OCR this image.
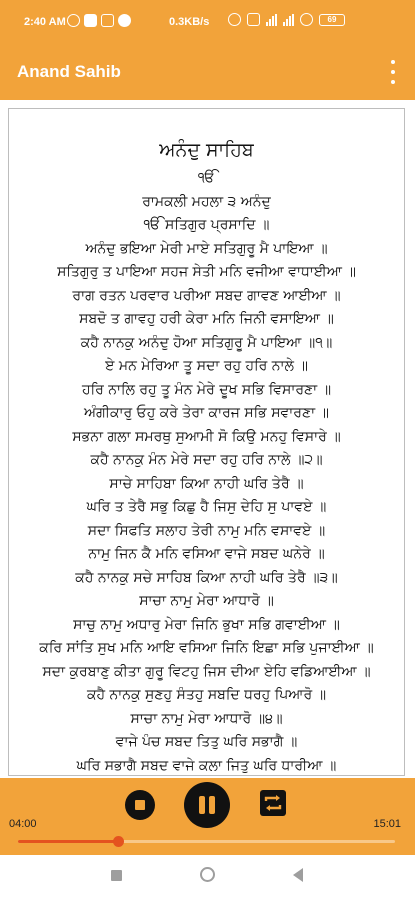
2:40 AM	0.3KB/s	69
Anand Sahib
ਅਨੰਦੁ ਸਾਹਿਬ
ੴ
ਰਾਮਕਲੀ ਮਹਲਾ ੩ ਅਨੰਦੁ
ੴ ਸਤਿਗੁਰ ਪ੍ਰਸਾਦਿ ॥
ਅਨੰਦੁ ਭਇਆ ਮੇਰੀ ਮਾਏ ਸਤਿਗੁਰੂ ਮੈ ਪਾਇਆ ॥
ਸਤਿਗੁਰੁ ਤ ਪਾਇਆ ਸਹਜ ਸੇਤੀ ਮਨਿ ਵਜੀਆ ਵਾਧਾਈਆ ॥
ਰਾਗ ਰਤਨ ਪਰਵਾਰ ਪਰੀਆ ਸਬਦ ਗਾਵਣ ਆਈਆ ॥
ਸਬਦੋ ਤ ਗਾਵਹੁ ਹਰੀ ਕੇਰਾ ਮਨਿ ਜਿਨੀ ਵਸਾਇਆ ॥
ਕਹੈ ਨਾਨਕੁ ਅਨੰਦੁ ਹੋਆ ਸਤਿਗੁਰੂ ਮੈ ਪਾਇਆ ॥੧॥
ਏ ਮਨ ਮੇਰਿਆ ਤੂ ਸਦਾ ਰਹੁ ਹਰਿ ਨਾਲੇ ॥
ਹਰਿ ਨਾਲਿ ਰਹੁ ਤੂ ਮੰਨ ਮੇਰੇ ਦੂਖ ਸਭਿ ਵਿਸਾਰਣਾ ॥
ਅੰਗੀਕਾਰੁ ਓਹੁ ਕਰੇ ਤੇਰਾ ਕਾਰਜ ਸਭਿ ਸਵਾਰਣਾ ॥
ਸਭਨਾ ਗਲਾ ਸਮਰਥੁ ਸੁਆਮੀ ਸੋ ਕਿਉ ਮਨਹੁ ਵਿਸਾਰੇ ॥
ਕਹੈ ਨਾਨਕੁ ਮੰਨ ਮੇਰੇ ਸਦਾ ਰਹੁ ਹਰਿ ਨਾਲੇ ॥੨॥
ਸਾਚੇ ਸਾਹਿਬਾ ਕਿਆ ਨਾਹੀ ਘਰਿ ਤੇਰੈ ॥
ਘਰਿ ਤ ਤੇਰੈ ਸਭੁ ਕਿਛੁ ਹੈ ਜਿਸੁ ਦੇਹਿ ਸੁ ਪਾਵਏ ॥
ਸਦਾ ਸਿਫਤਿ ਸਲਾਹ ਤੇਰੀ ਨਾਮੁ ਮਨਿ ਵਸਾਵਏ ॥
ਨਾਮੁ ਜਿਨ ਕੈ ਮਨਿ ਵਸਿਆ ਵਾਜੇ ਸਬਦ ਘਨੇਰੇ ॥
ਕਹੈ ਨਾਨਕੁ ਸਚੇ ਸਾਹਿਬ ਕਿਆ ਨਾਹੀ ਘਰਿ ਤੇਰੈ ॥੩॥
ਸਾਚਾ ਨਾਮੁ ਮੇਰਾ ਆਧਾਰੋ ॥
ਸਾਚੁ ਨਾਮੁ ਅਧਾਰੁ ਮੇਰਾ ਜਿਨਿ ਭੁਖਾ ਸਭਿ ਗਵਾਈਆ ॥
ਕਰਿ ਸਾਂਤਿ ਸੁਖ ਮਨਿ ਆਇ ਵਸਿਆ ਜਿਨਿ ਇਛਾ ਸਭਿ ਪੁਜਾਈਆ ॥
ਸਦਾ ਕੁਰਬਾਣੁ ਕੀਤਾ ਗੁਰੂ ਵਿਟਹੁ ਜਿਸ ਦੀਆ ਏਹਿ ਵਡਿਆਈਆ ॥
ਕਹੈ ਨਾਨਕੁ ਸੁਣਹੁ ਸੰਤਹੁ ਸਬਦਿ ਧਰਹੁ ਪਿਆਰੋ ॥
ਸਾਚਾ ਨਾਮੁ ਮੇਰਾ ਆਧਾਰੋ ॥੪॥
ਵਾਜੇ ਪੰਚ ਸਬਦ ਤਿਤੁ ਘਰਿ ਸਭਾਗੈ ॥
ਘਰਿ ਸਭਾਗੈ ਸਬਦ ਵਾਜੇ ਕਲਾ ਜਿਤੁ ਘਰਿ ਧਾਰੀਆ ॥
04:00	15:01
